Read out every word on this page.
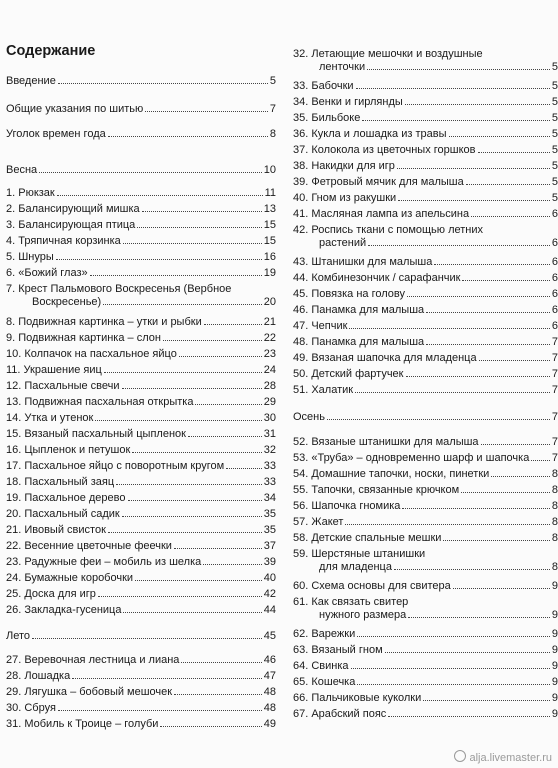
Содержание
Введение	5
Общие указания по шитью	7
Уголок времен года	8
Весна	10
1. Рюкзак	11
2. Балансирующий мишка	13
3. Балансирующая птица	15
4. Тряпичная корзинка	15
5. Шнуры	16
6. «Божий глаз»	19
7. Крест Пальмового Воскресенья (Вербное
Воскресенье)	20
8. Подвижная картинка – утки и рыбки	21
9. Подвижная картинка – слон	22
10. Колпачок на пасхальное яйцо	23
11. Украшение яиц	24
12. Пасхальные свечи	28
13. Подвижная пасхальная открытка	29
14. Утка и утенок	30
15. Вязаный пасхальный цыпленок	31
16. Цыпленок и петушок	32
17. Пасхальное яйцо с поворотным кругом	33
18. Пасхальный заяц	33
19. Пасхальное дерево	34
20. Пасхальный садик	35
21. Ивовый свисток	35
22. Весенние цветочные феечки	37
23. Радужные феи – мобиль из шелка	39
24. Бумажные коробочки	40
25. Доска для игр	42
26. Закладка-гусеница	44
Лето	45
27. Веревочная лестница и лиана	46
28. Лошадка	47
29. Лягушка – бобовый мешочек	48
30. Сбруя	48
31. Мобиль к Троице – голуби	49
32. Летающие мешочки и воздушные
ленточки	5
33. Бабочки	5
34. Венки и гирлянды	5
35. Бильбоке	5
36. Кукла и лошадка из травы	5
37. Колокола из цветочных горшков	5
38. Накидки для игр	5
39. Фетровый мячик для малыша	5
40. Гном из ракушки	5
41. Масляная лампа из апельсина	6
42. Роспись ткани с помощью летних
растений	6
43. Штанишки для малыша	6
44. Комбинезончик / сарафанчик	6
45. Повязка на голову	6
46. Панамка для малыша	6
47. Чепчик	6
48. Панамка для малыша	7
49. Вязаная шапочка для младенца	7
50. Детский фартучек	7
51. Халатик	7
Осень	7
52. Вязаные штанишки для малыша	7
53. «Труба» – одновременно шарф и шапочка 7
54. Домашние тапочки, носки, пинетки	8
55. Тапочки, связанные крючком	8
56. Шапочка гномика	8
57. Жакет	8
58. Детские спальные мешки	8
59. Шерстяные штанишки
для младенца	8
60. Схема основы для свитера	9
61. Как связать свитер
нужного размера	9
62. Варежки	9
63. Вязаный гном	9
64. Свинка	9
65. Кошечка	9
66. Пальчиковые куколки	9
67. Арабский пояс	9
alja.livemaster.ru
